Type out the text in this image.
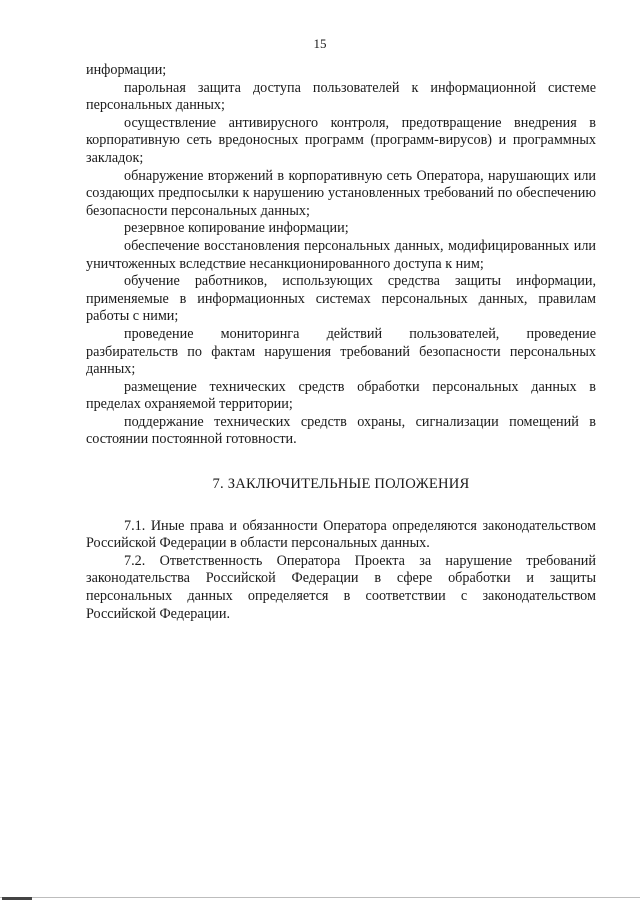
15

информации;

парольная защита доступа пользователей к информационной системе персональных данных;

осуществление антивирусного контроля, предотвращение внедрения в корпоративную сеть вредоносных программ (программ-вирусов) и программных закладок;

обнаружение вторжений в корпоративную сеть Оператора, нарушающих или создающих предпосылки к нарушению установленных требований по обеспечению безопасности персональных данных;

резервное копирование информации;

обеспечение восстановления персональных данных, модифицированных или уничтоженных вследствие несанкционированного доступа к ним;

обучение работников, использующих средства защиты информации, применяемые в информационных системах персональных данных, правилам работы с ними;

проведение мониторинга действий пользователей, проведение разбирательств по фактам нарушения требований безопасности персональных данных;

размещение технических средств обработки персональных данных в пределах охраняемой территории;

поддержание технических средств охраны, сигнализации помещений в состоянии постоянной готовности.

7. ЗАКЛЮЧИТЕЛЬНЫЕ ПОЛОЖЕНИЯ

7.1. Иные права и обязанности Оператора определяются законодательством Российской Федерации в области персональных данных.

7.2. Ответственность Оператора Проекта за нарушение требований законодательства Российской Федерации в сфере обработки и защиты персональных данных определяется в соответствии с законодательством Российской Федерации.
